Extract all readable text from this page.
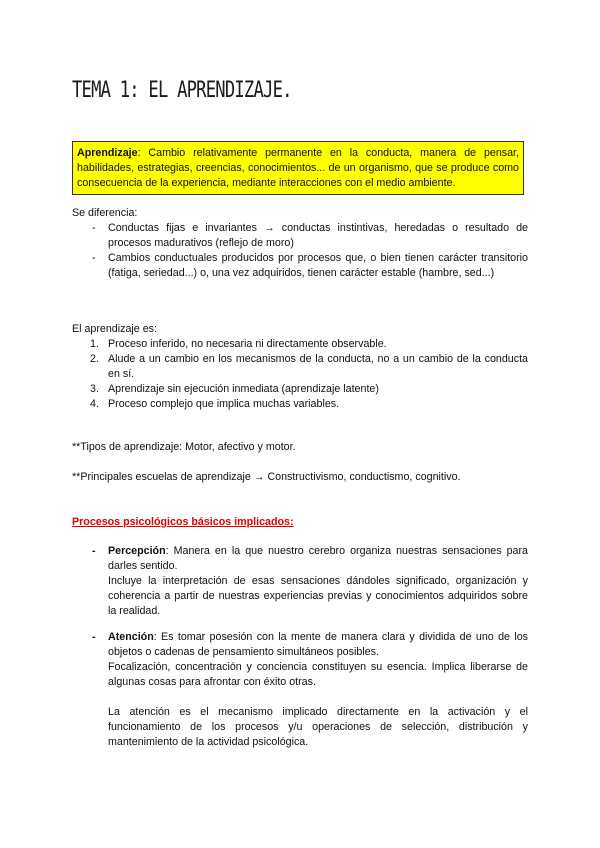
TEMA 1: EL APRENDIZAJE.
Aprendizaje: Cambio relativamente permanente en la conducta, manera de pensar, habilidades, estrategias, creencias, conocimientos... de un organismo, que se produce como consecuencia de la experiencia, mediante interacciones con el medio ambiente.

Se diferencia:

- Conductas fijas e invariantes → conductas instintivas, heredadas o resultado de procesos madurativos (reflejo de moro)
- Cambios conductuales producidos por procesos que, o bien tienen carácter transitorio (fatiga, seriedad...) o, una vez adquiridos, tienen carácter estable (hambre, sed...)

El aprendizaje es:

1. Proceso inferido, no necesaria ni directamente observable.
2. Alude a un cambio en los mecanismos de la conducta, no a un cambio de la conducta en sí.
3. Aprendizaje sin ejecución inmediata (aprendizaje latente)
4. Proceso complejo que implica muchas variables.

**Tipos de aprendizaje: Motor, afectivo y motor.

**Principales escuelas de aprendizaje → Constructivismo, conductismo, cognitivo.

Procesos psicológicos básicos implicados:

- Percepción: Manera en la que nuestro cerebro organiza nuestras sensaciones para darles sentido.

Incluye la interpretación de esas sensaciones dándoles significado, organización y coherencia a partir de nuestras experiencias previas y conocimientos adquiridos sobre la realidad.

- Atención: Es tomar posesión con la mente de manera clara y dividida de uno de los objetos o cadenas de pensamiento simultáneos posibles.

Focalización, concentración y conciencia constituyen su esencia. Implica liberarse de algunas cosas para afrontar con éxito otras.

La atención es el mecanismo implicado directamente en la activación y el funcionamiento de los procesos y/u operaciones de selección, distribución y mantenimiento de la actividad psicológica.
